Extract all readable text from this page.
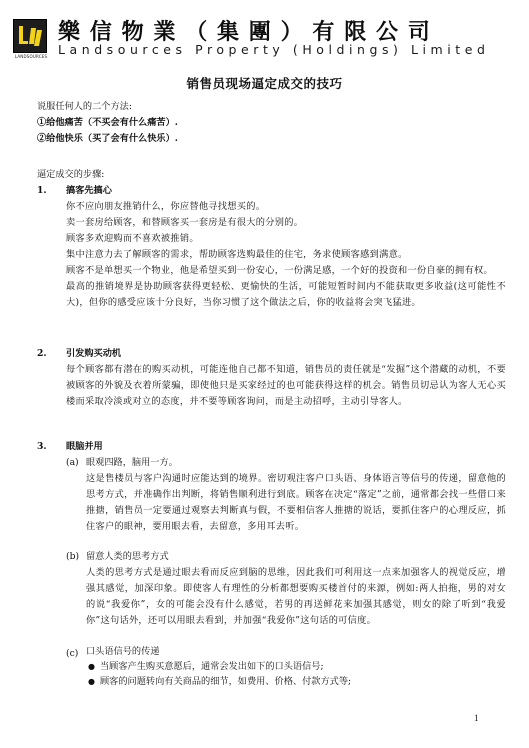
LANDSOURCES
樂信物業（集團）有限公司
Landsources Property (Holdings) Limited
销售员现场逼定成交的技巧
说服任何人的二个方法:
①给他痛苦（不买会有什么痛苦）.
②给他快乐（买了会有什么快乐）.
逼定成交的步骤:
1. 搞客先搞心

你不应向朋友推销什么，你应替他寻找想买的。

卖一套房给顾客，和替顾客买一套房是有很大的分别的。

顾客多欢迎购而不喜欢被推销。

集中注意力去了解顾客的需求，帮助顾客选购最佳的住宅，务求使顾客感到满意。

顾客不是单想买一个物业，他是希望买到一份安心，一份满足感，一个好的投资和一份自豪的拥有权。

最高的推销境界是协助顾客获得更轻松、更愉快的生活，可能短暂时间内不能获取更多收益(这可能性不大)，但你的感受应该十分良好，当你习惯了这个做法之后，你的收益将会突飞猛进。

2. 引发购买动机
每个顾客都有潜在的购买动机，可能连他自己都不知道，销售员的责任就是“发掘”这个潜藏的动机，不要被顾客的外貌及衣着所蒙骗，即使他只是买家经过的也可能获得这样的机会。销售员切忌认为客人无心买楼而采取冷淡或对立的态度，并不要等顾客询问，而是主动招呼，主动引导客人。
3. 眼脑并用
(a) 眼观四路，脑用一方。
这是售楼员与客户沟通时应能达到的境界。密切观注客户口头语、身体语言等信号的传递，留意他的思考方式，并准确作出判断，将销售顺利进行到底。顾客在决定“落定”之前，通常都会找一些借口来推搪，销售员一定要通过观察去判断真与假，不要相信客人推搪的说话，要抓住客户的心理反应，抓住客户的眼神，要用眼去看，去留意，多用耳去听。
(b) 留意人类的思考方式
人类的思考方式是通过眼去看而反应到脑的思维，因此我们可利用这一点来加强客人的视觉反应，增强其感觉，加深印象。即使客人有理性的分析都想要购买楼首付的来源，例如:两人拍拖，男的对女的说“我爱你”，女的可能会没有什么感觉，若男的再送鲜花来加强其感觉，则女的除了听到“我爱你”这句话外，还可以用眼去看到，并加强“我爱你”这句话的可信度。
(c) 口头语信号的传递
● 当顾客产生购买意愿后，通常会发出如下的口头语信号;
● 顾客的问题转向有关商品的细节，如费用、价格、付款方式等;
1
